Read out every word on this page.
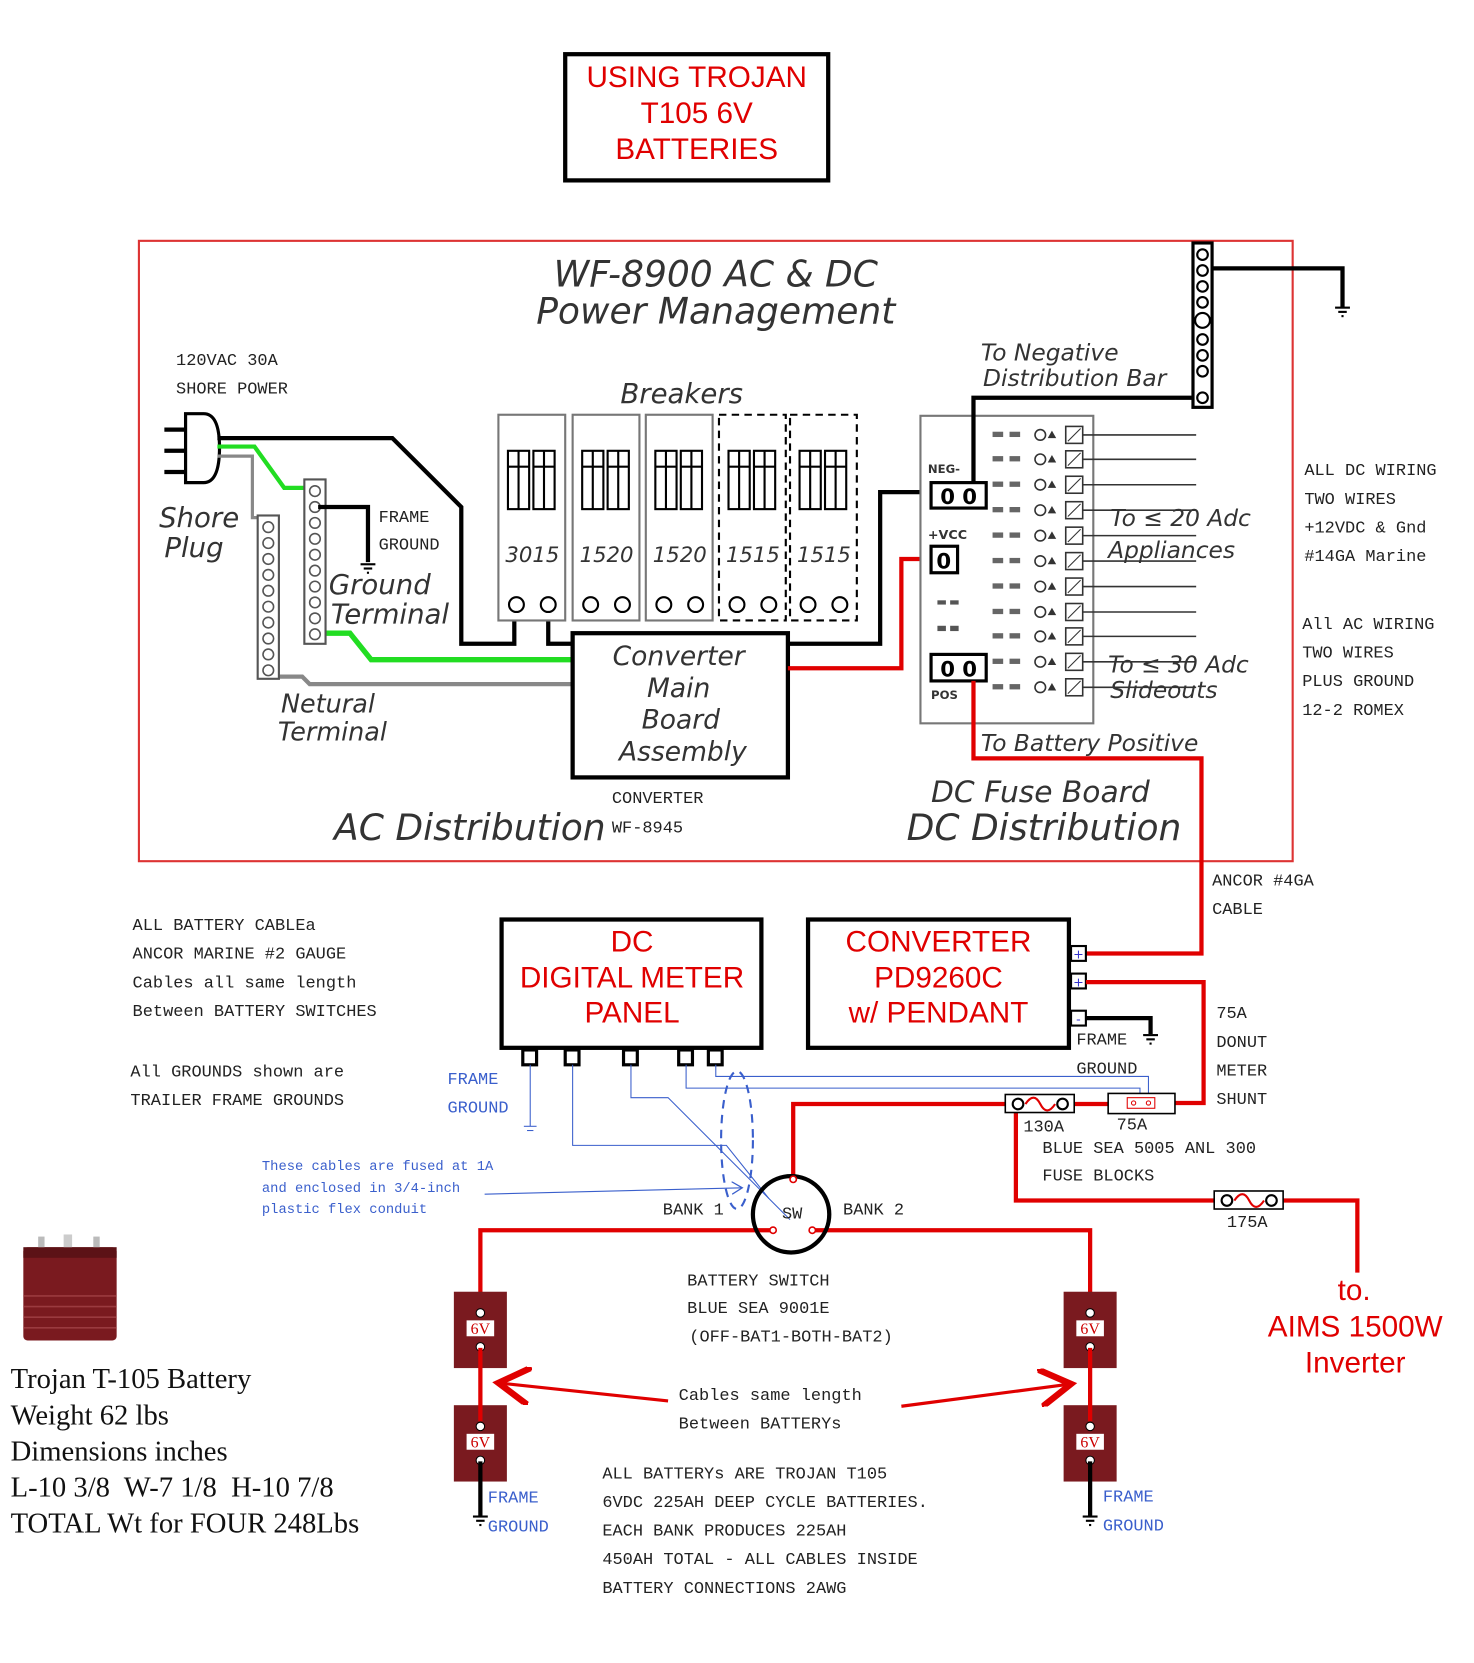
USING TROJAN
T105 6V
BATTERIES
WF-8900 AC & DC
Power Management
120VAC 30A
SHORE POWER
Shore
Plug
FRAME
GROUND
Ground
Terminal
Netural
Terminal
Breakers
3015 1520 1520 1515 1515
Converter
Main
Board
Assembly
CONVERTER
WF-8945
AC Distribution
NEG-
0 0
+VCC
0
0 0
POS
To Negative
Distribution Bar
To ≤ 20 Adc
Appliances
To ≤ 30 Adc
Slideouts
To Battery Positive
DC Fuse Board
DC Distribution
ALL DC WIRING
TWO WIRES
+12VDC & Gnd
#14GA Marine
All AC WIRING
TWO WIRES
PLUS GROUND
12-2 ROMEX
ANCOR #4GA
CABLE
ALL BATTERY CABLEa
ANCOR MARINE #2 GAUGE
Cables all same length
Between BATTERY SWITCHES
All GROUNDS shown are
TRAILER FRAME GROUNDS
DC
DIGITAL METER
PANEL
CONVERTER
PD9260C
w/ PENDANT
+
+
-
FRAME
GROUND
75A
DONUT
METER
SHUNT
FRAME
GROUND
These cables are fused at 1A
and enclosed in 3/4-inch
plastic flex conduit
130A	75A
BLUE SEA 5005 ANL 300
FUSE BLOCKS
175A
to.
AIMS 1500W
Inverter
SW
BANK 1	BANK 2
BATTERY SWITCH
BLUE SEA 9001E
(OFF-BAT1-BOTH-BAT2)
6V
6V
6V
6V
FRAME
GROUND
FRAME
GROUND
Cables same length
Between BATTERYs
ALL BATTERYs ARE TROJAN T105
6VDC 225AH DEEP CYCLE BATTERIES.
EACH BANK PRODUCES 225AH
450AH TOTAL - ALL CABLES INSIDE
BATTERY CONNECTIONS 2AWG
Trojan T-105 Battery
Weight 62 lbs
Dimensions inches
L-10 3/8  W-7 1/8  H-10 7/8
TOTAL Wt for FOUR 248Lbs
